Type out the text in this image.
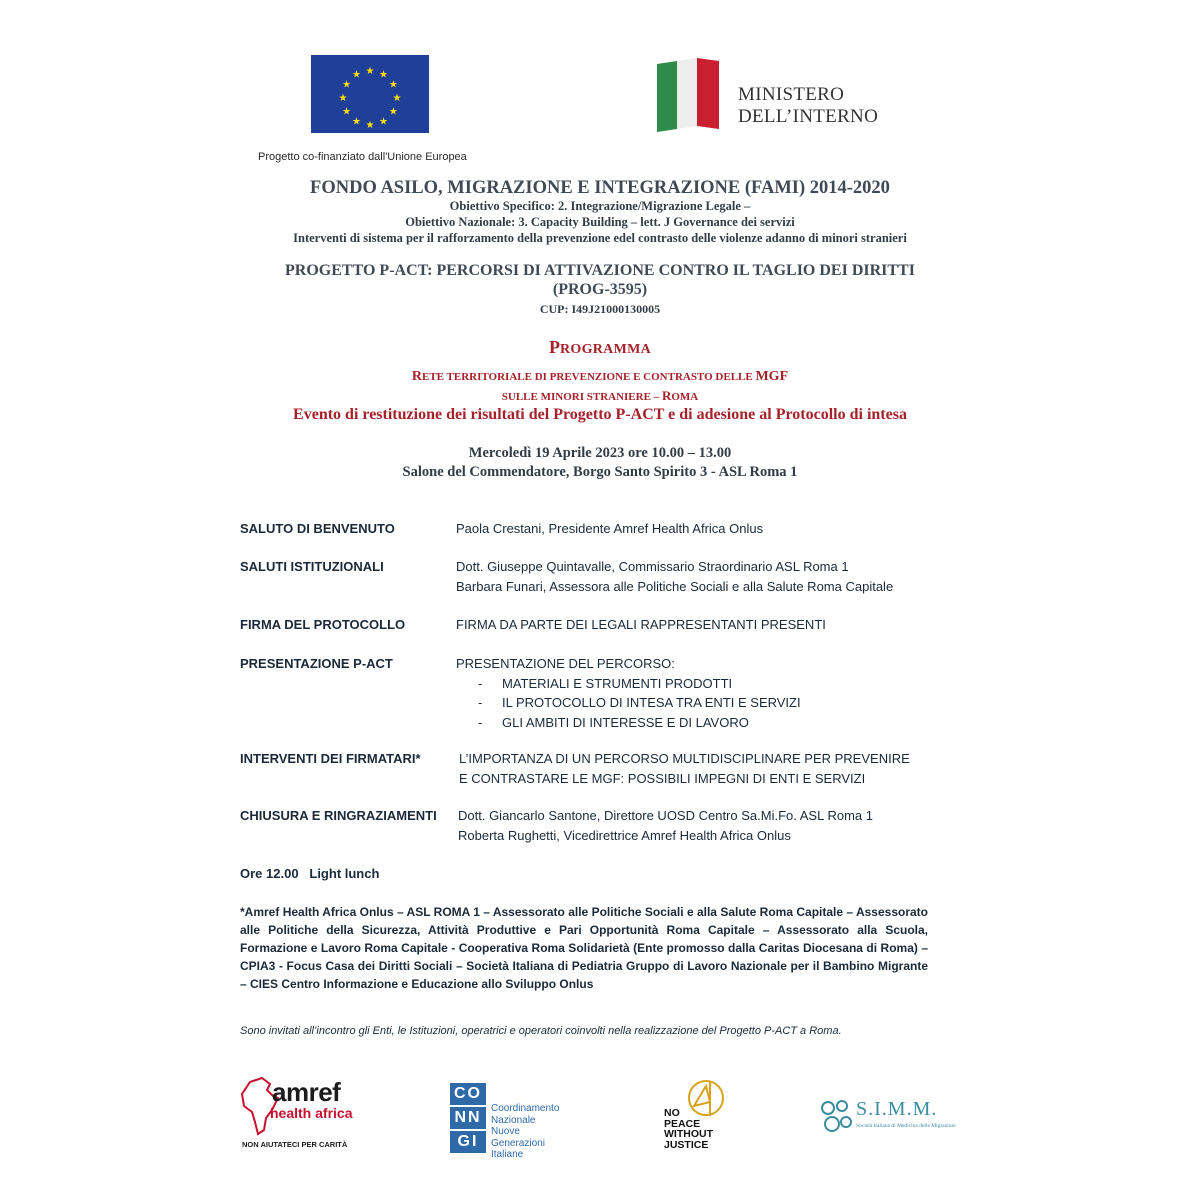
★ ★
★
★
★
★
★
★
★
★
★
★
Progetto co-finanziato dall'Unione Europea
MINISTERO
DELL’INTERNO
FONDO ASILO, MIGRAZIONE E INTEGRAZIONE (FAMI) 2014-2020
Obiettivo Specifico: 2. Integrazione/Migrazione Legale –
Obiettivo Nazionale: 3. Capacity Building – lett. J Governance dei servizi
Interventi di sistema per il rafforzamento della prevenzione edel contrasto delle violenze adanno di minori stranieri
PROGETTO P-ACT: PERCORSI DI ATTIVAZIONE CONTRO IL TAGLIO DEI DIRITTI
(PROG-3595)
CUP: I49J21000130005
PROGRAMMA
RETE TERRITORIALE DI PREVENZIONE E CONTRASTO DELLE MGF
SULLE MINORI STRANIERE – ROMA
Evento di restituzione dei risultati del Progetto P-ACT e di adesione al Protocollo di intesa
Mercoledì 19 Aprile 2023 ore 10.00 – 13.00
Salone del Commendatore, Borgo Santo Spirito 3 - ASL Roma 1
SALUTO DI BENVENUTO	Paola Crestani, Presidente Amref Health Africa Onlus
SALUTI ISTITUZIONALI	Dott. Giuseppe Quintavalle, Commissario Straordinario ASL Roma 1
Barbara Funari, Assessora alle Politiche Sociali e alla Salute Roma Capitale
FIRMA DEL PROTOCOLLO	FIRMA DA PARTE DEI LEGALI RAPPRESENTANTI PRESENTI
PRESENTAZIONE P-ACT	PRESENTAZIONE DEL PERCORSO:
- MATERIALI E STRUMENTI PRODOTTI
- IL PROTOCOLLO DI INTESA TRA ENTI E SERVIZI
- GLI AMBITI DI INTERESSE E DI LAVORO
INTERVENTI DEI FIRMATARI*	L’IMPORTANZA DI UN PERCORSO MULTIDISCIPLINARE PER PREVENIRE
E CONTRASTARE LE MGF: POSSIBILI IMPEGNI DI ENTI E SERVIZI
CHIUSURA E RINGRAZIAMENTI Dott. Giancarlo Santone, Direttore UOSD Centro Sa.Mi.Fo. ASL Roma 1
Roberta Rughetti, Vicedirettrice Amref Health Africa Onlus
Ore 12.00   Light lunch
*Amref Health Africa Onlus – ASL ROMA 1 – Assessorato alle Politiche Sociali e alla Salute Roma Capitale – Assessorato alle Politiche della Sicurezza, Attività Produttive e Pari Opportunità Roma Capitale – Assessorato alla Scuola, Formazione e Lavoro Roma Capitale - Cooperativa Roma Solidarietà (Ente promosso dalla Caritas Diocesana di Roma) – CPIA3 - Focus Casa dei Diritti Sociali – Società Italiana di Pediatria Gruppo di Lavoro Nazionale per il Bambino Migrante – CIES Centro Informazione e Educazione allo Sviluppo Onlus
Sono invitati all’incontro gli Enti, le Istituzioni, operatrici e operatori coinvolti nella realizzazione del Progetto P-ACT a Roma.
amref
health africa
NON AIUTATECI PER CARITÀ
CO
NN
GI
Coordinamento
Nazionale
Nuove
Generazioni
Italiane
NO
PEACE
WITHOUT
JUSTICE
S.I.M.M.
Società Italiana di Medicina delle Migrazioni
